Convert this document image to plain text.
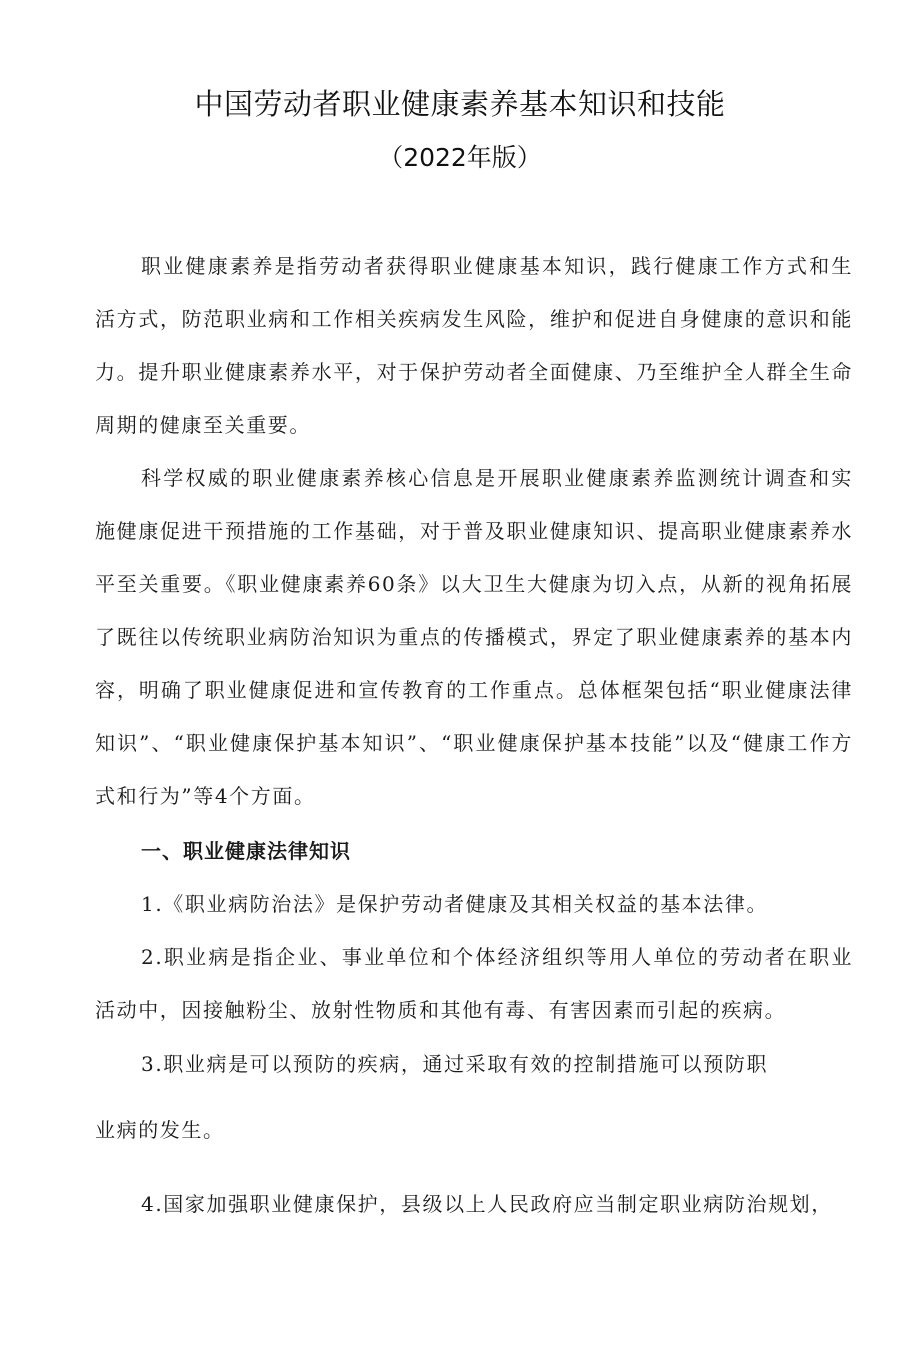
中国劳动者职业健康素养基本知识和技能
（2022年版）

职业健康素养是指劳动者获得职业健康基本知识，践行健康工作方式和生活方式，防范职业病和工作相关疾病发生风险，维护和促进自身健康的意识和能力。提升职业健康素养水平，对于保护劳动者全面健康、乃至维护全人群全生命周期的健康至关重要。

科学权威的职业健康素养核心信息是开展职业健康素养监测统计调查和实施健康促进干预措施的工作基础，对于普及职业健康知识、提高职业健康素养水平至关重要。《职业健康素养60条》以大卫生大健康为切入点，从新的视角拓展了既往以传统职业病防治知识为重点的传播模式，界定了职业健康素养的基本内容，明确了职业健康促进和宣传教育的工作重点。总体框架包括“职业健康法律知识”、“职业健康保护基本知识”、“职业健康保护基本技能”以及“健康工作方式和行为”等4个方面。

一、职业健康法律知识

1.《职业病防治法》是保护劳动者健康及其相关权益的基本法律。

2.职业病是指企业、事业单位和个体经济组织等用人单位的劳动者在职业活动中，因接触粉尘、放射性物质和其他有毒、有害因素而引起的疾病。

3.职业病是可以预防的疾病，通过采取有效的控制措施可以预防职

业病的发生。

4.国家加强职业健康保护，县级以上人民政府应当制定职业病防治规划，
